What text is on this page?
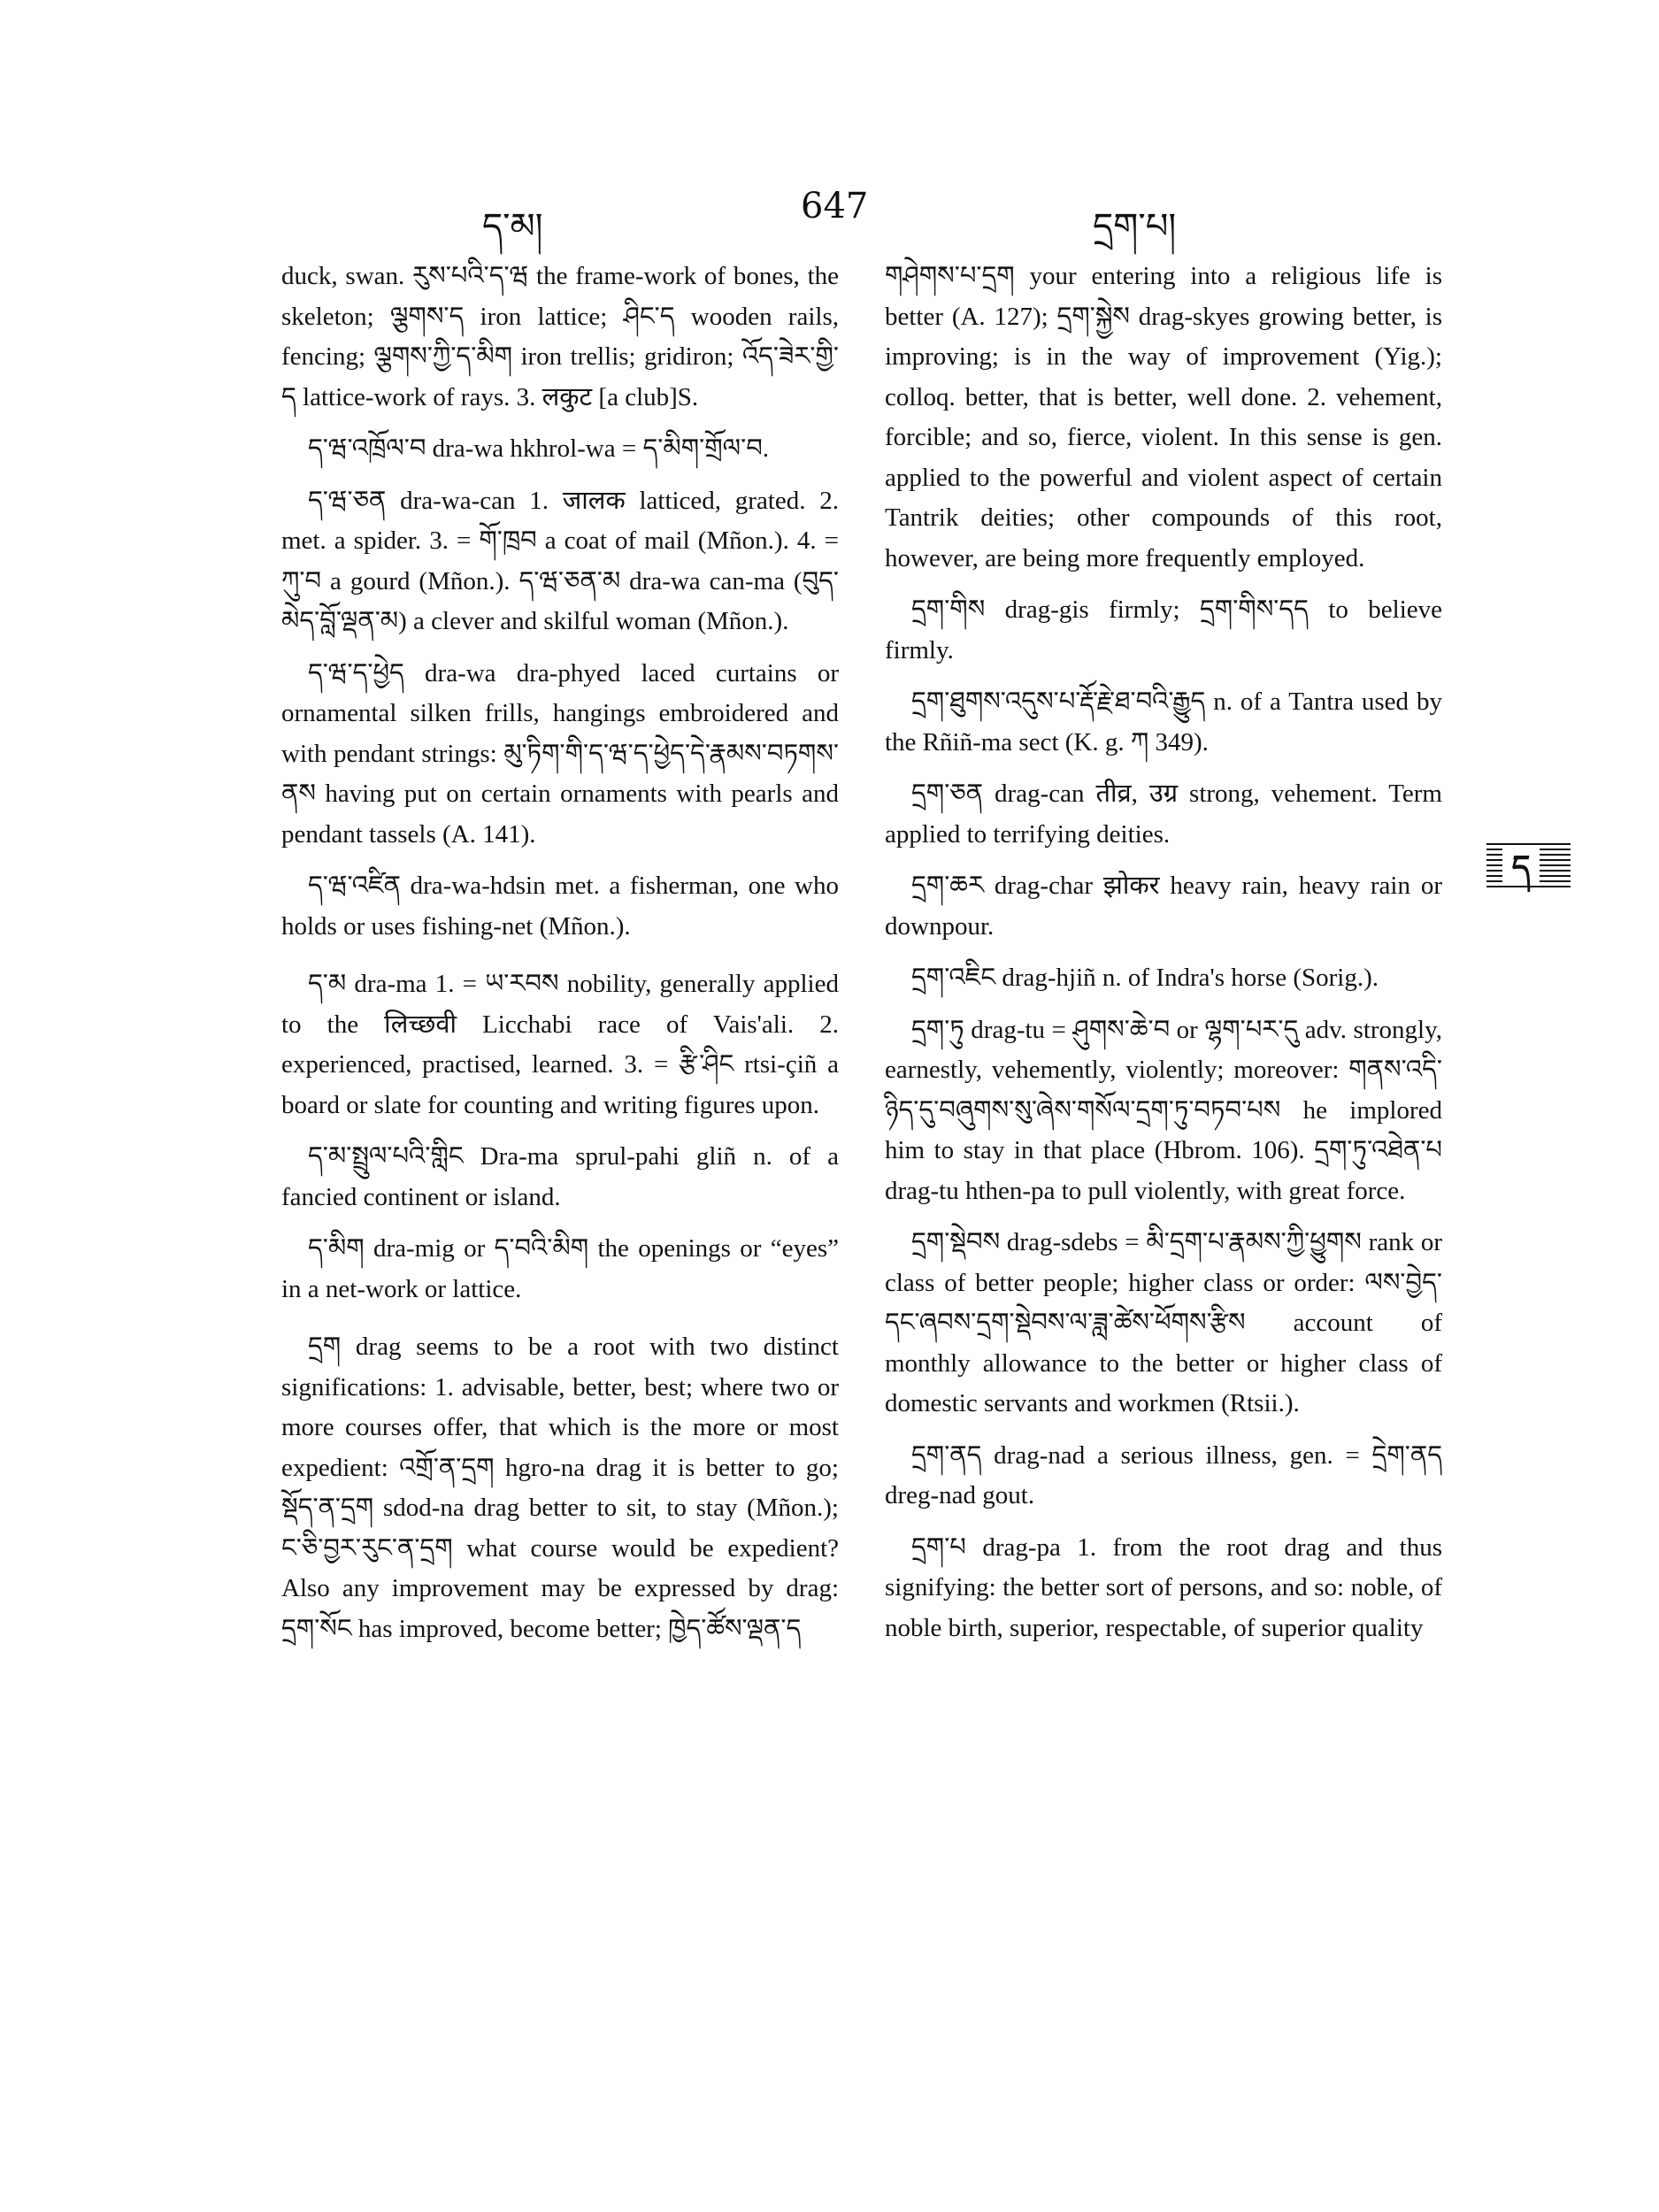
ད་མ།	647	དྲག་པ།

duck, swan. རུས་པའི་ད་ཝ the frame-work of bones, the skeleton; ལྕགས་ད iron lattice; ཤིང་ད wooden rails, fencing; ལྕགས་ཀྱི་ད་མིག iron trellis; gridiron; འོད་ཟེར་གྱི་ད lattice-work of rays. 3. लकुट [a club]S.

ད་ཝ་འཁྲོལ་བ dra-wa hkhrol-wa = ད་མིག་གྲོལ་བ.

ད་ཝ་ཅན dra-wa-can 1. जालक latticed, grated. 2. met. a spider. 3. = གོ་ཁྲབ a coat of mail (Mñon.). 4. = ཀུ་བ a gourd (Mñon.). ད་ཝ་ཅན་མ dra-wa can-ma (བུད་མེད་བློ་ལྡན་མ) a clever and skilful woman (Mñon.).

ད་ཝ་ད་ཕྱེད dra-wa dra-phyed laced curtains or ornamental silken frills, hangings embroidered and with pendant strings: མུ་ཏིག་གི་ད་ཝ་ད་ཕྱེད་དེ་རྣམས་བཏགས་ནས having put on certain ornaments with pearls and pendant tassels (A. 141).

ད་ཝ་འཛིན dra-wa-hdsin met. a fisherman, one who holds or uses fishing-net (Mñon.).

ད་མ dra-ma 1. = ཡ་རབས nobility, generally applied to the लिच्छवी Licchabi race of Vais'ali. 2. experienced, practised, learned. 3. = རྩི་ཤིང rtsi-çiñ a board or slate for counting and writing figures upon.

ད་མ་སྤྲུལ་པའི་གླིང Dra-ma sprul-pahi gliñ n. of a fancied continent or island.

ད་མིག dra-mig or ད་བའི་མིག the openings or “eyes” in a net-work or lattice.

དྲག drag seems to be a root with two distinct significations: 1. advisable, better, best; where two or more courses offer, that which is the more or most expedient: འགྲོ་ན་དྲག hgro-na drag it is better to go; སྡོད་ན་དྲག sdod-na drag better to sit, to stay (Mñon.); ང་ཅི་བྱར་རུང་ན་དྲག what course would be expedient? Also any improvement may be expressed by drag: དྲག་སོང has improved, become better; ཁྱེད་ཚོས་ལྡན་ད

གཤེགས་པ་དྲག your entering into a religious life is better (A. 127); དྲག་སྐྱེས drag-skyes growing better, is improving; is in the way of improvement (Yig.); colloq. better, that is better, well done. 2. vehement, forcible; and so, fierce, violent. In this sense is gen. applied to the powerful and violent aspect of certain Tantrik deities; other compounds of this root, however, are being more frequently employed.

དྲག་གིས drag-gis firmly; དྲག་གིས་དད to believe firmly.

དྲག་ཐུགས་འདུས་པ་རྡོ་རྗེ་ཐ་བའི་རྒྱུད n. of a Tantra used by the Rñiñ-ma sect (K. g. ཀ 349).

དྲག་ཅན drag-can तीव्र, उग्र strong, vehement. Term applied to terrifying deities.

དྲག་ཆར drag-char झोकर heavy rain, heavy rain or downpour.

དྲག་འཇིང drag-hjiñ n. of Indra's horse (Sorig.).

དྲག་ཏུ drag-tu = ཤུགས་ཆེ་བ or ལྷག་པར་དུ adv. strongly, earnestly, vehemently, violently; moreover: གནས་འདི་ཉིད་དུ་བཞུགས་སུ་ཞེས་གསོལ་དྲག་ཏུ་བཏབ་པས he implored him to stay in that place (Hbrom. 106). དྲག་ཏུ་འཐེན་པ drag-tu hthen-pa to pull violently, with great force.

དྲག་སྡེབས drag-sdebs = མི་དྲག་པ་རྣམས་ཀྱི་ཕྱུགས rank or class of better people; higher class or order: ལས་བྱེད་དང་ཞབས་དྲག་སྡེབས་ལ་ཟླ་ཚེས་ཕོགས་རྩིས account of monthly allowance to the better or higher class of domestic servants and workmen (Rtsii.).

དྲག་ནད drag-nad a serious illness, gen. = དྲེག་ནད dreg-nad gout.

དྲག་པ drag-pa 1. from the root drag and thus signifying: the better sort of persons, and so: noble, of noble birth, superior, respectable, of superior quality

ད
